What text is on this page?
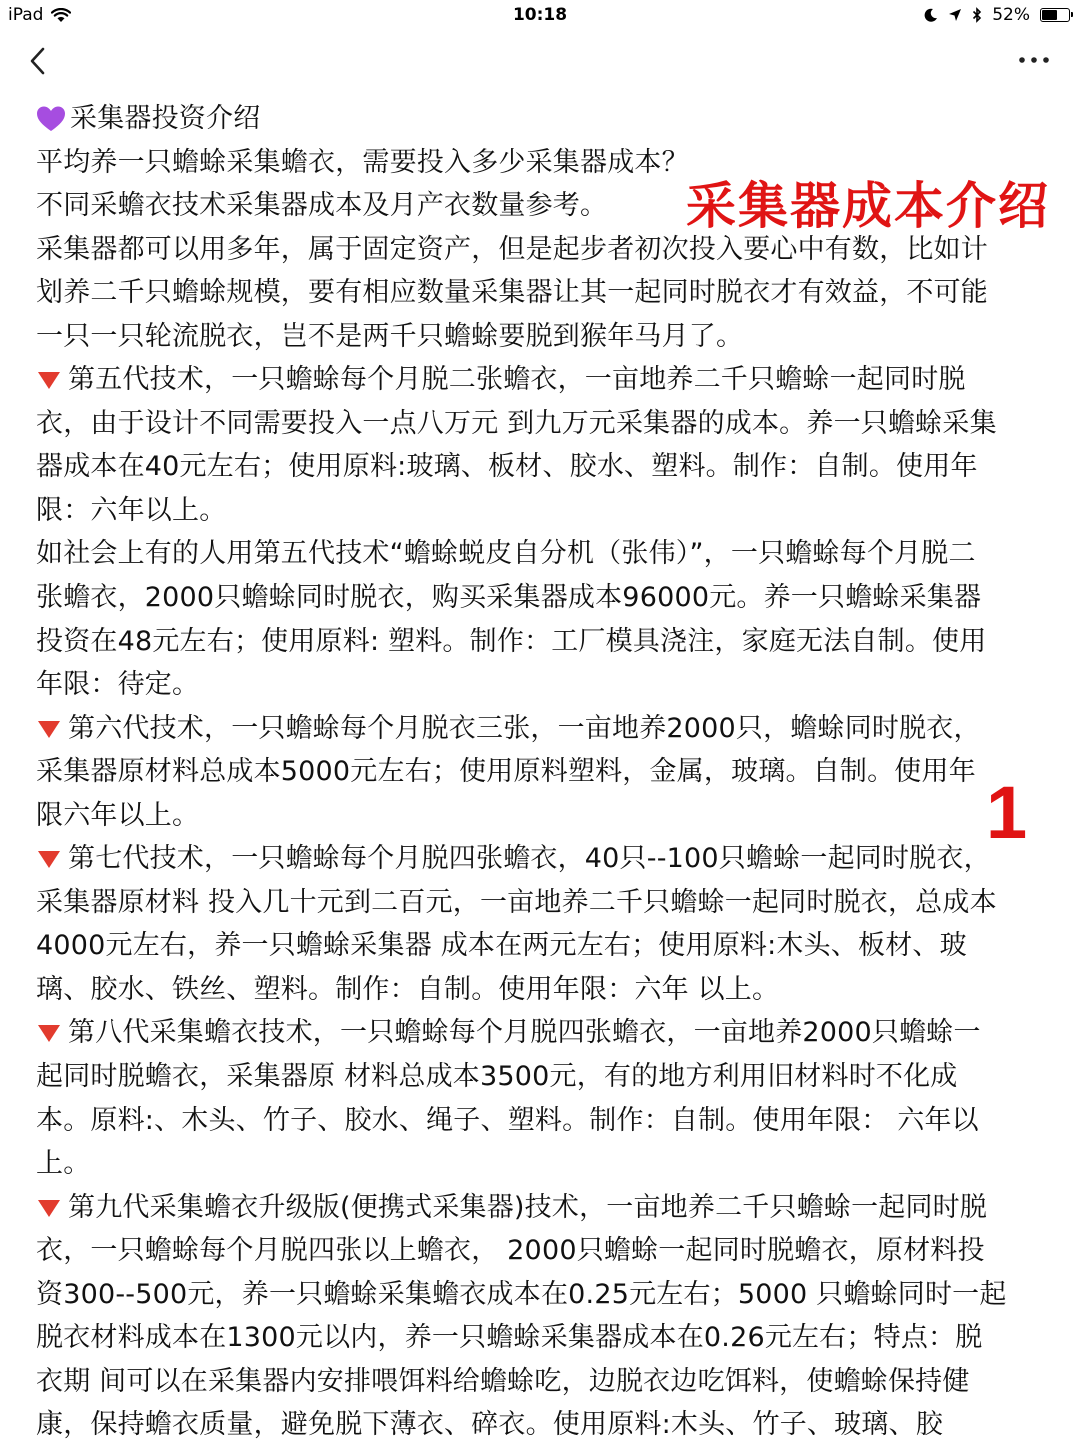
iPad	10:18	52%
采集器投资介绍
平均养一只蟾蜍采集蟾衣，需要投入多少采集器成本？
不同采蟾衣技术采集器成本及月产衣数量参考。
采集器都可以用多年，属于固定资产，但是起步者初次投入要心中有数，比如计
划养二千只蟾蜍规模，要有相应数量采集器让其一起同时脱衣才有效益，不可能
一只一只轮流脱衣，岂不是两千只蟾蜍要脱到猴年马月了。
第五代技术，一只蟾蜍每个月脱二张蟾衣，一亩地养二千只蟾蜍一起同时脱
衣，由于设计不同需要投入一点八万元 到九万元采集器的成本。养一只蟾蜍采集
器成本在40元左右；使用原料:玻璃、板材、胶水、塑料。制作：自制。使用年
限：六年以上。
如社会上有的人用第五代技术“蟾蜍蜕皮自分机（张伟）”，一只蟾蜍每个月脱二
张蟾衣，2000只蟾蜍同时脱衣，购买采集器成本96000元。养一只蟾蜍采集器
投资在48元左右；使用原料: 塑料。制作：工厂模具浇注，家庭无法自制。使用
年限：待定。
第六代技术，一只蟾蜍每个月脱衣三张，一亩地养2000只，蟾蜍同时脱衣，
采集器原材料总成本5000元左右；使用原料塑料，金属，玻璃。自制。使用年
限六年以上。
第七代技术，一只蟾蜍每个月脱四张蟾衣，40只--100只蟾蜍一起同时脱衣，
采集器原材料 投入几十元到二百元，一亩地养二千只蟾蜍一起同时脱衣，总成本
4000元左右，养一只蟾蜍采集器 成本在两元左右；使用原料:木头、板材、玻
璃、胶水、铁丝、塑料。制作：自制。使用年限：六年 以上。
第八代采集蟾衣技术，一只蟾蜍每个月脱四张蟾衣，一亩地养2000只蟾蜍一
起同时脱蟾衣，采集器原 材料总成本3500元，有的地方利用旧材料时不化成
本。原料:、木头、竹子、胶水、绳子、塑料。制作：自制。使用年限： 六年以
上。
第九代采集蟾衣升级版(便携式采集器)技术，一亩地养二千只蟾蜍一起同时脱
衣，一只蟾蜍每个月脱四张以上蟾衣， 2000只蟾蜍一起同时脱蟾衣，原材料投
资300--500元，养一只蟾蜍采集蟾衣成本在0.25元左右；5000 只蟾蜍同时一起
脱衣材料成本在1300元以内，养一只蟾蜍采集器成本在0.26元左右；特点：脱
衣期 间可以在采集器内安排喂饵料给蟾蜍吃，边脱衣边吃饵料，使蟾蜍保持健
康，保持蟾衣质量，避免脱下薄衣、碎衣。使用原料:木头、竹子、玻璃、胶
采集器成本介绍
1
